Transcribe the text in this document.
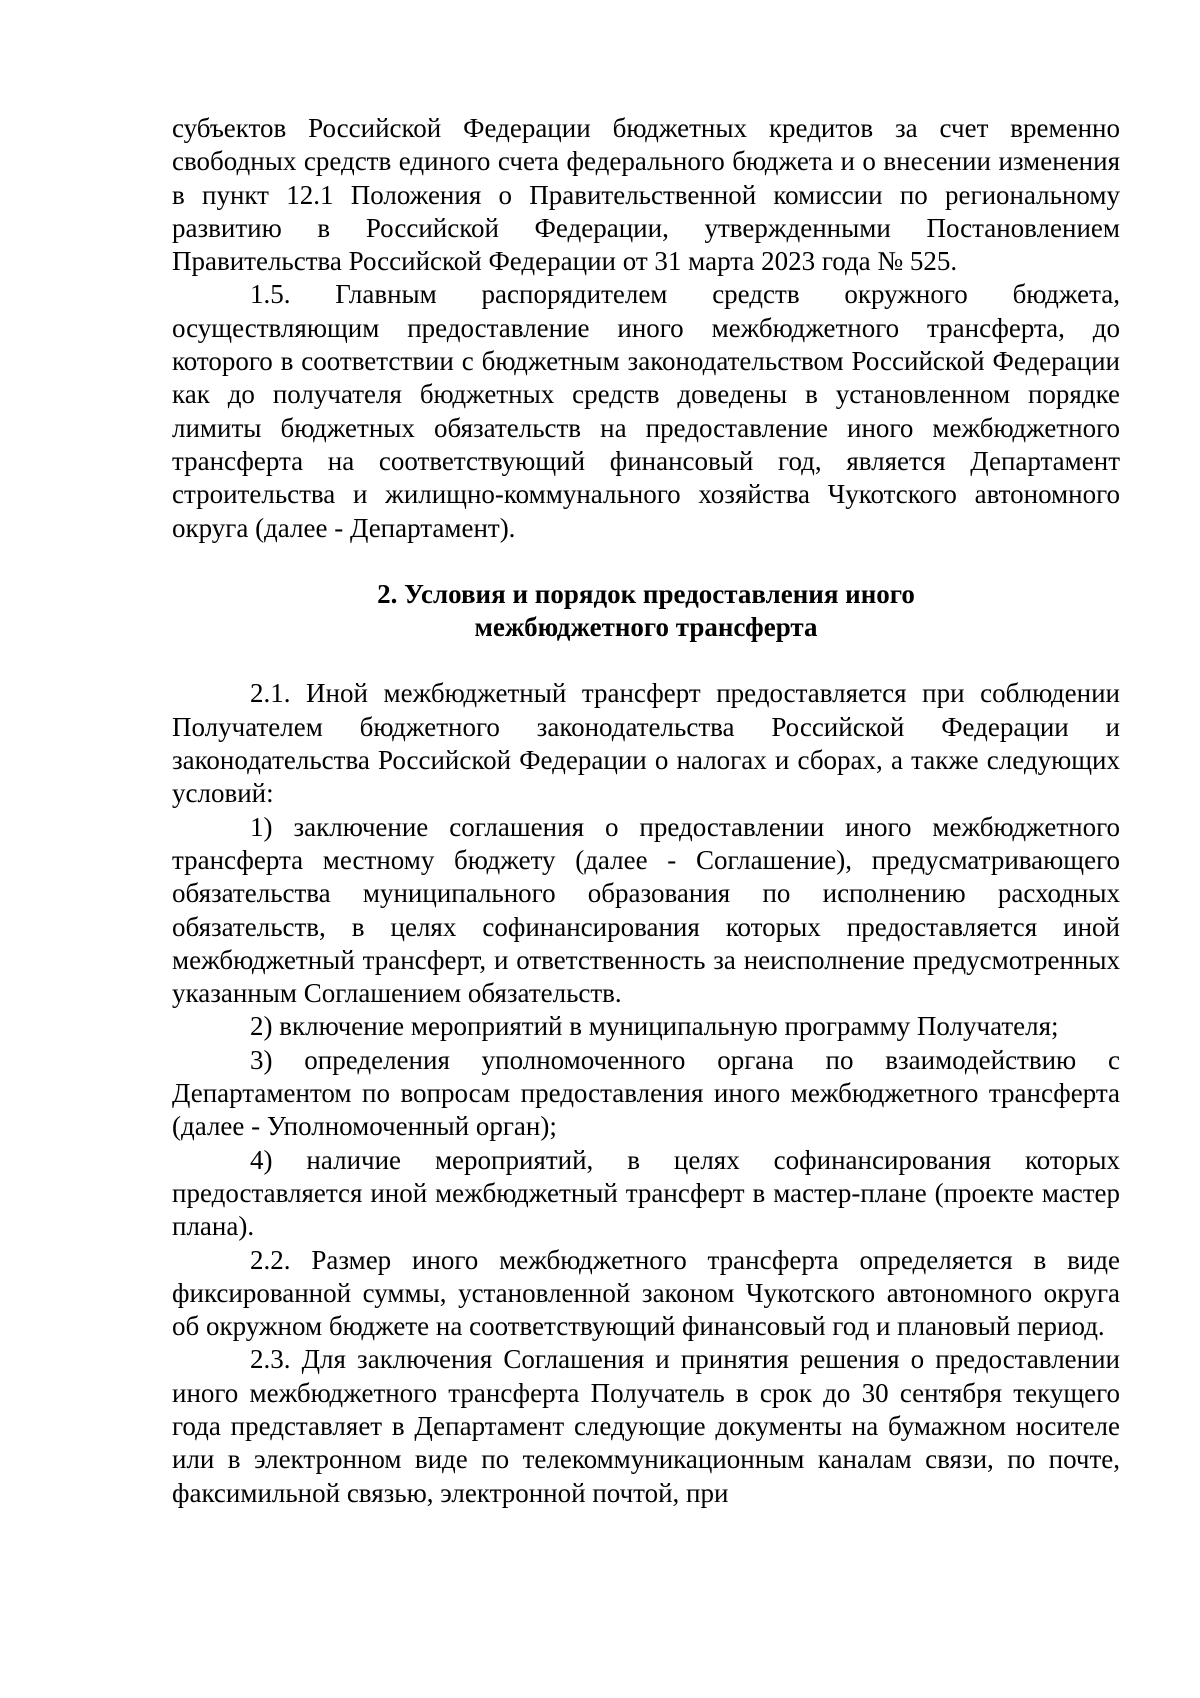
субъектов Российской Федерации бюджетных кредитов за счет временно свободных средств единого счета федерального бюджета и о внесении изменения в пункт 12.1 Положения о Правительственной комиссии по региональному развитию в Российской Федерации, утвержденными Постановлением Правительства Российской Федерации от 31 марта 2023 года № 525.

1.5. Главным распорядителем средств окружного бюджета, осуществляющим предоставление иного межбюджетного трансферта, до которого в соответствии с бюджетным законодательством Российской Федерации как до получателя бюджетных средств доведены в установленном порядке лимиты бюджетных обязательств на предоставление иного межбюджетного трансферта на соответствующий финансовый год, является Департамент строительства и жилищно-коммунального хозяйства Чукотского автономного округа (далее - Департамент).

2. Условия и порядок предоставления иного
межбюджетного трансферта

2.1. Иной межбюджетный трансферт предоставляется при соблюдении Получателем бюджетного законодательства Российской Федерации и законодательства Российской Федерации о налогах и сборах, а также следующих условий:

1) заключение соглашения о предоставлении иного межбюджетного трансферта местному бюджету (далее - Соглашение), предусматривающего обязательства муниципального образования по исполнению расходных обязательств, в целях софинансирования которых предоставляется иной межбюджетный трансферт, и ответственность за неисполнение предусмотренных указанным Соглашением обязательств.

2) включение мероприятий в муниципальную программу Получателя;

3) определения уполномоченного органа по взаимодействию с Департаментом по вопросам предоставления иного межбюджетного трансферта (далее - Уполномоченный орган);

4) наличие мероприятий, в целях софинансирования которых предоставляется иной межбюджетный трансферт в мастер-плане (проекте мастер плана).

2.2. Размер иного межбюджетного трансферта определяется в виде фиксированной суммы, установленной законом Чукотского автономного округа об окружном бюджете на соответствующий финансовый год и плановый период.

2.3. Для заключения Соглашения и принятия решения о предоставлении иного межбюджетного трансферта Получатель в срок до 30 сентября текущего года представляет в Департамент следующие документы на бумажном носителе или в электронном виде по телекоммуникационным каналам связи, по почте, факсимильной связью, электронной почтой, при
